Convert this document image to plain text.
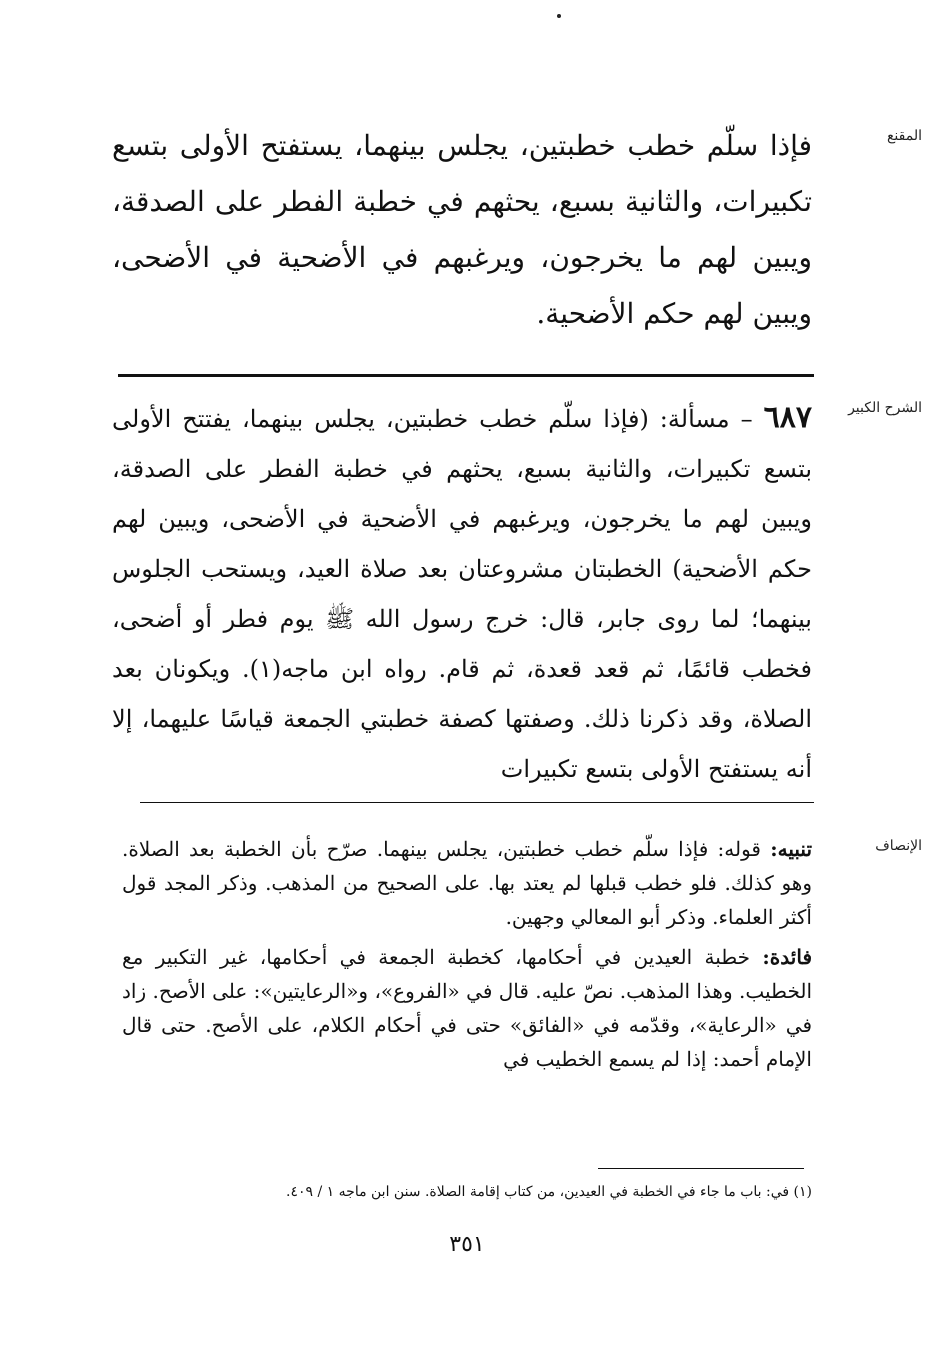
المقنع

فإذا سلّم خطب خطبتين، يجلس بينهما، يستفتح الأولى بتسع تكبيرات، والثانية بسبع، يحثهم في خطبة الفطر على الصدقة، ويبين لهم ما يخرجون، ويرغبهم في الأضحية في الأضحى، ويبين لهم حكم الأضحية.

الشرح الكبير

٦٨٧ – مسألة: (فإذا سلّم خطب خطبتين، يجلس بينهما، يفتتح الأولى بتسع تكبيرات، والثانية بسبع، يحثهم في خطبة الفطر على الصدقة، ويبين لهم ما يخرجون، ويرغبهم في الأضحية في الأضحى، ويبين لهم حكم الأضحية) الخطبتان مشروعتان بعد صلاة العيد، ويستحب الجلوس بينهما؛ لما روى جابر، قال: خرج رسول الله ﷺ يوم فطر أو أضحى، فخطب قائمًا، ثم قعد قعدة، ثم قام. رواه ابن ماجه(١). ويكونان بعد الصلاة، وقد ذكرنا ذلك. وصفتها كصفة خطبتي الجمعة قياسًا عليهما، إلا أنه يستفتح الأولى بتسع تكبيرات

الإنصاف

تنبيه: قوله: فإذا سلّم خطب خطبتين، يجلس بينهما. صرّح بأن الخطبة بعد الصلاة. وهو كذلك. فلو خطب قبلها لم يعتد بها. على الصحيح من المذهب. وذكر المجد قول أكثر العلماء. وذكر أبو المعالي وجهين.

فائدة: خطبة العيدين في أحكامها، كخطبة الجمعة في أحكامها، غير التكبير مع الخطيب. وهذا المذهب. نصّ عليه. قال في «الفروع»، و«الرعايتين»: على الأصح. زاد في «الرعاية»، وقدّمه في «الفائق» حتى في أحكام الكلام، على الأصح. حتى قال الإمام أحمد: إذا لم يسمع الخطيب في

(١) في: باب ما جاء في الخطبة في العيدين، من كتاب إقامة الصلاة. سنن ابن ماجه ١ / ٤٠٩.

٣٥١
